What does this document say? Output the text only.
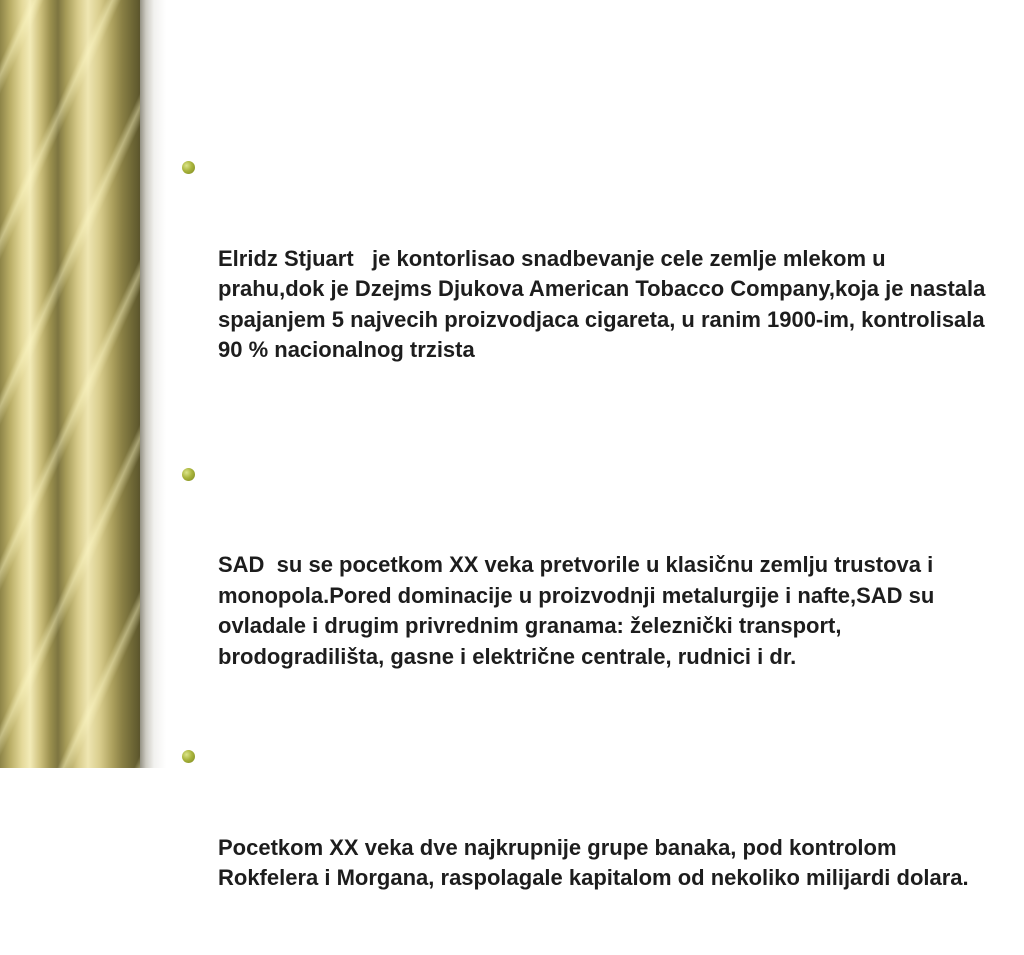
Elridz Stjuart   je kontorlisao snadbevanje cele zemlje mlekom u prahu,dok je Dzejms Djukova American Tobacco Company,koja je nastala spajanjem 5 najvecih proizvodjaca cigareta, u ranim 1900-im, kontrolisala 90 % nacionalnog trzista

SAD  su se pocetkom XX veka pretvorile u klasičnu zemlju trustova i monopola.Pored dominacije u proizvodnji metalurgije i nafte,SAD su  ovladale i drugim privrednim granama: železnički transport, brodogradilišta, gasne i električne centrale, rudnici i dr.

Pocetkom XX veka dve najkrupnije grupe banaka, pod kontrolom Rokfelera i Morgana, raspolagale kapitalom od nekoliko milijardi dolara.
